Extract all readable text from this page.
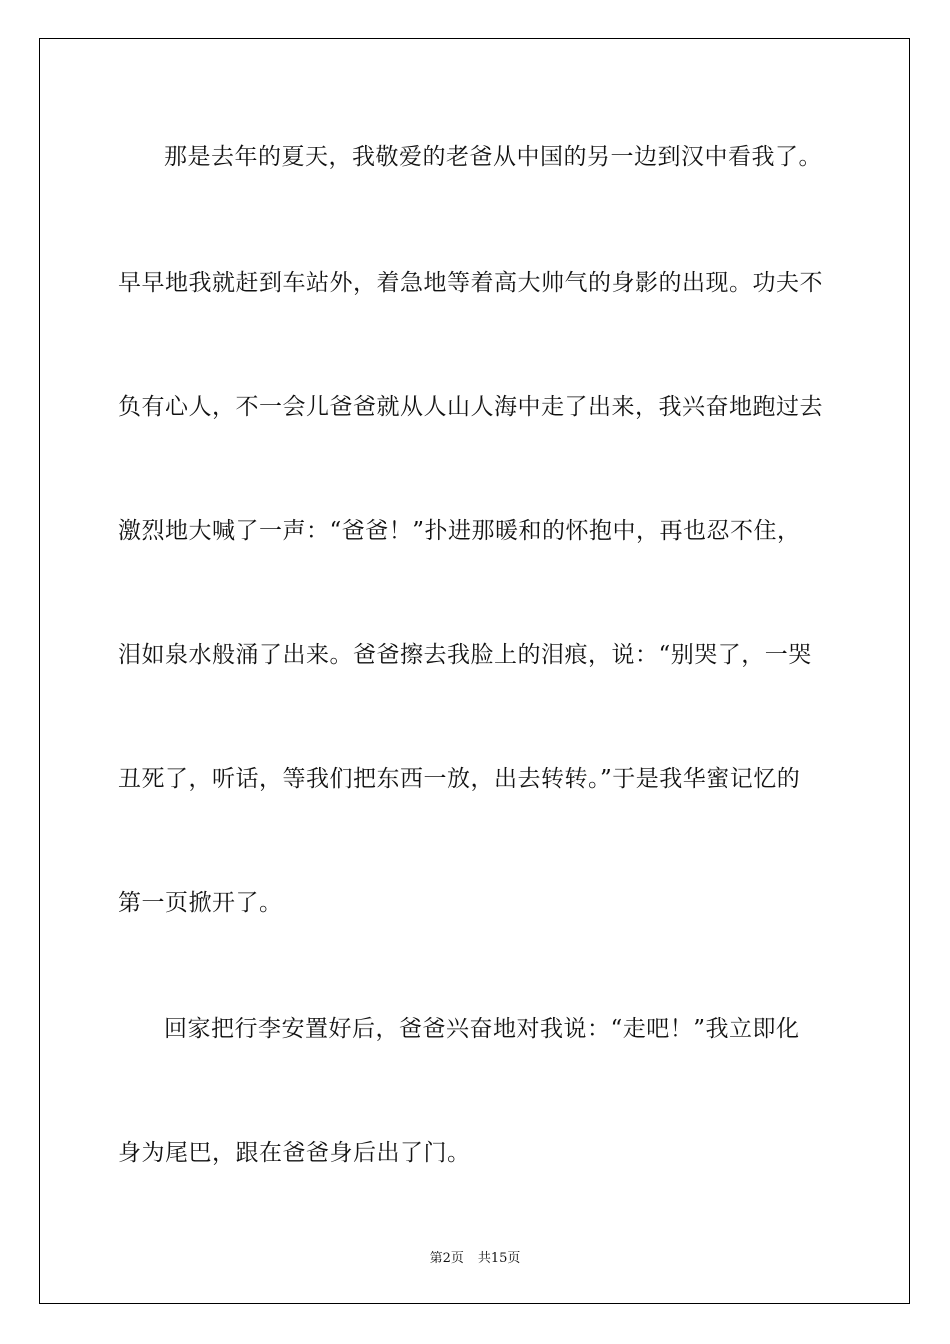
那是去年的夏天，我敬爱的老爸从中国的另一边到汉中看我了。
早早地我就赶到车站外，着急地等着高大帅气的身影的出现。功夫不
负有心人，不一会儿爸爸就从人山人海中走了出来，我兴奋地跑过去
激烈地大喊了一声：“爸爸！”扑进那暖和的怀抱中，再也忍不住，
泪如泉水般涌了出来。爸爸擦去我脸上的泪痕，说：“别哭了，一哭
丑死了，听话，等我们把东西一放，出去转转。”于是我华蜜记忆的
第一页掀开了。
回家把行李安置好后，爸爸兴奋地对我说：“走吧！”我立即化
身为尾巴，跟在爸爸身后出了门。
第2页 共15页
